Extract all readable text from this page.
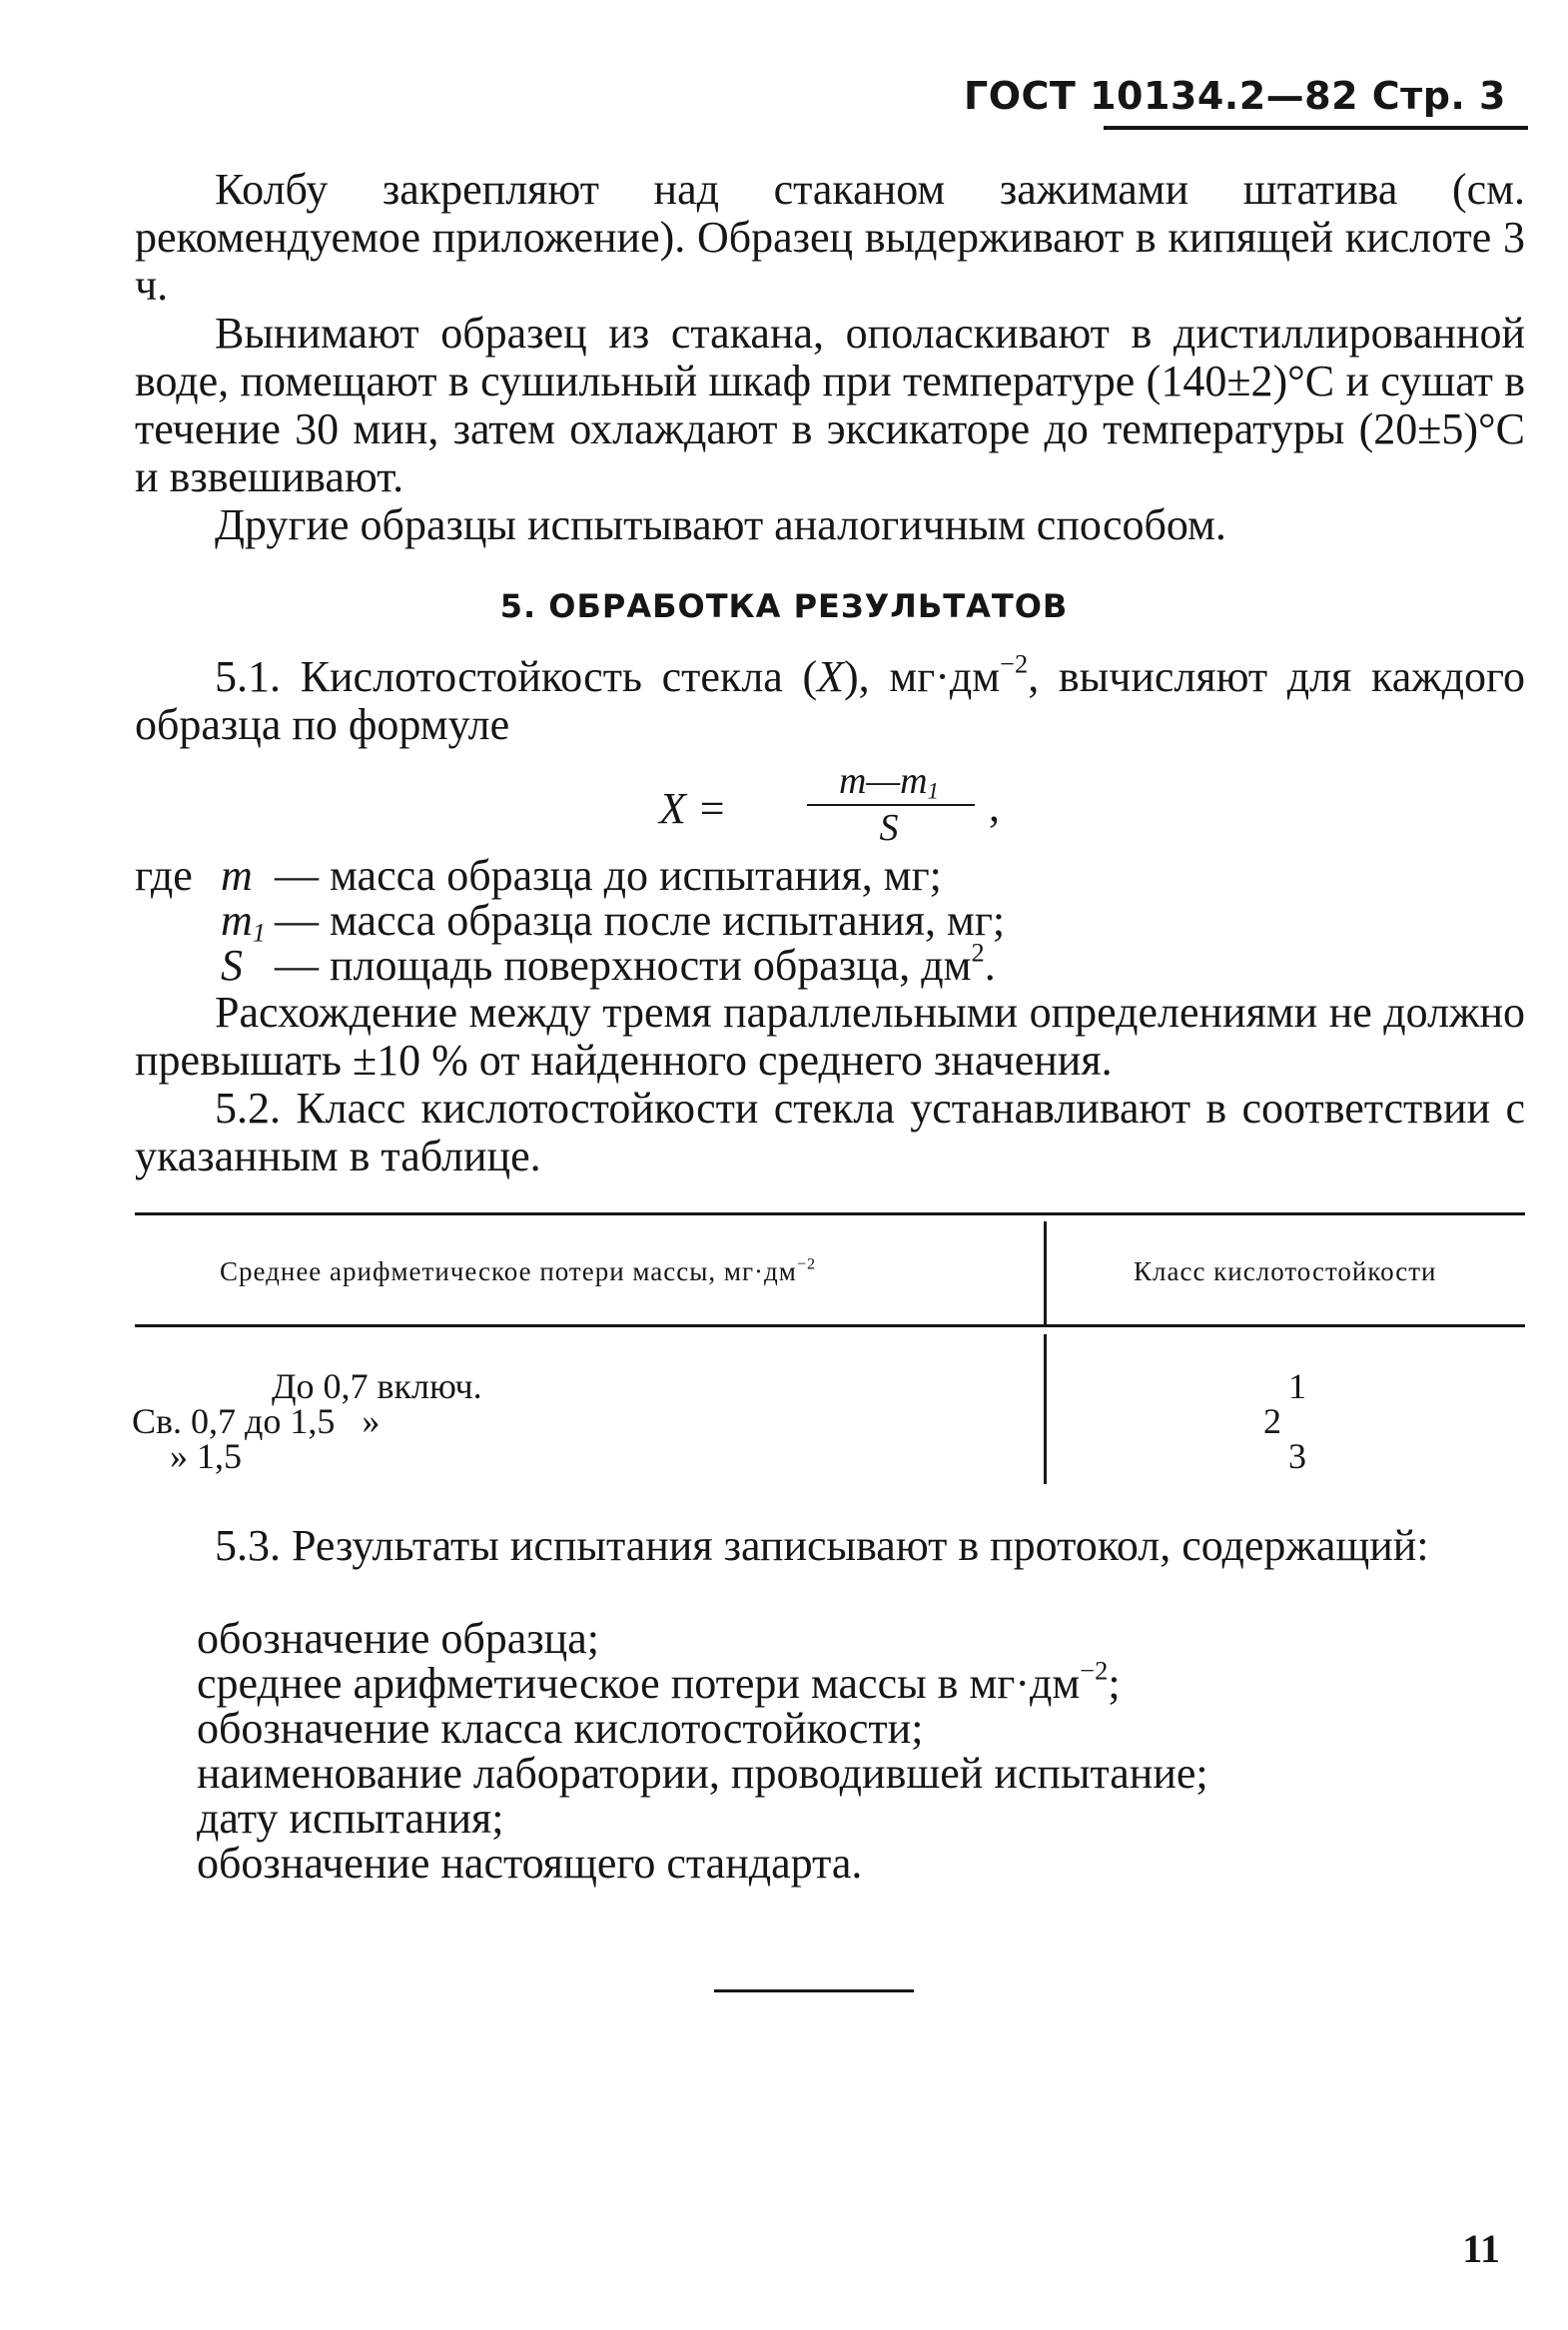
ГОСТ 10134.2—82 Стр. 3

Колбу закрепляют над стаканом зажимами штатива (см. рекомендуемое приложение). Образец выдерживают в кипящей кислоте 3 ч.

Вынимают образец из стакана, ополаскивают в дистиллированной воде, помещают в сушильный шкаф при температуре (140±2)°С и сушат в течение 30 мин, затем охлаждают в эксикаторе до температуры (20±5)°С и взвешивают.

Другие образцы испытывают аналогичным способом.

5. ОБРАБОТКА РЕЗУЛЬТАТОВ

5.1. Кислотостойкость стекла (X), $мг\cdot дм^{-2}$, вычисляют для каждого образца по формуле

X =
$m—m_1$
S	,
где m — масса образца до испытания, мг;
$m_1$ — масса образца после испытания, мг;
S — площадь поверхности образца, $дм^2$.

Расхождение между тремя параллельными определениями не должно превышать ±10 % от найденного среднего значения.

5.2. Класс кислотостойкости стекла устанавливают в соответствии с указанным в таблице.

Среднее арифметическое потери массы, $мг\cdot дм^{-2}$	Класс кислотостойкости
До 0,7 включ.	1
Св. 0,7 до 1,5   »	2
» 1,5	3

5.3. Результаты испытания записывают в протокол, содержащий:

обозначение образца;
среднее арифметическое потери массы в $мг\cdot дм^{-2}$;
обозначение класса кислотостойкости;
наименование лаборатории, проводившей испытание;
дату испытания;
обозначение настоящего стандарта.
11
